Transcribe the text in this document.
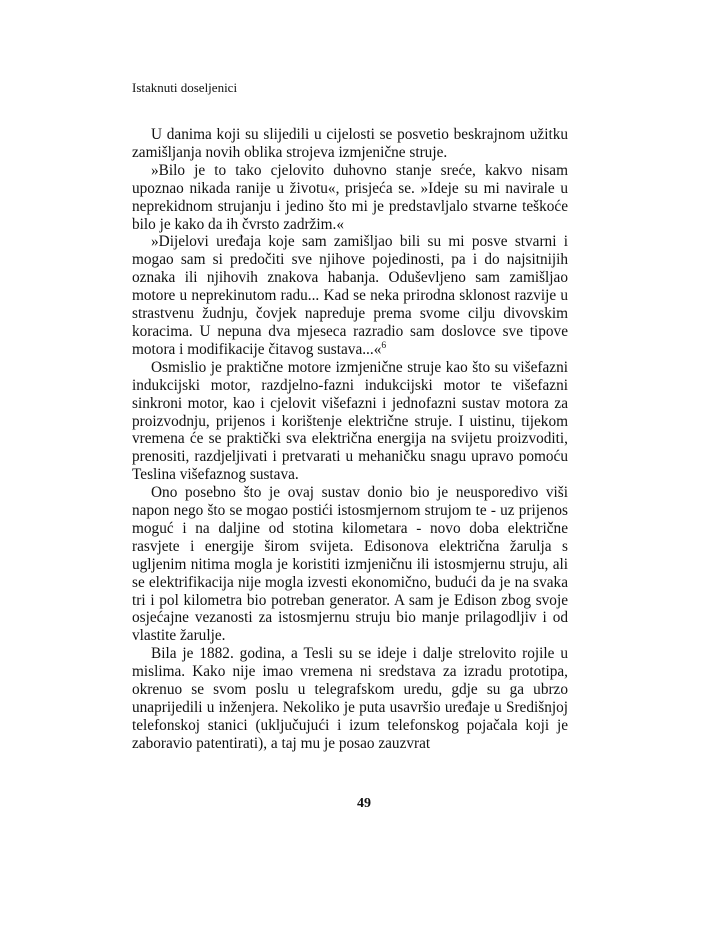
Istaknuti doseljenici

U danima koji su slijedili u cijelosti se posvetio beskrajnom užitku zamišljanja novih oblika strojeva izmjenične struje.

»Bilo je to tako cjelovito duhovno stanje sreće, kakvo nisam upoznao nikada ranije u životu«, prisjeća se. »Ideje su mi navirale u neprekidnom strujanju i jedino što mi je predstavljalo stvarne teškoće bilo je kako da ih čvrsto zadržim.«

»Dijelovi uređaja koje sam zamišljao bili su mi posve stvarni i mogao sam si predočiti sve njihove pojedinosti, pa i do najsitnijih oznaka ili njihovih znakova habanja. Oduševljeno sam zamišljao motore u neprekinutom radu... Kad se neka prirodna sklonost razvije u strastvenu žudnju, čovjek napreduje prema svome cilju divovskim koracima. U nepuna dva mjeseca razradio sam doslovce sve tipove motora i modifikacije čitavog sustava...«$^6$

Osmislio je praktične motore izmjenične struje kao što su višefazni indukcijski motor, razdjelno-fazni indukcijski motor te višefazni sinkroni motor, kao i cjelovit višefazni i jednofazni sustav motora za proizvodnju, prijenos i korištenje električne struje. I uistinu, tijekom vremena će se praktički sva električna energija na svijetu proizvoditi, prenositi, razdjeljivati i pretvarati u mehaničku snagu upravo pomoću Teslina višefaznog sustava.

Ono posebno što je ovaj sustav donio bio je neusporedivo viši napon nego što se mogao postići istosmjernom strujom te - uz prijenos moguć i na daljine od stotina kilometara - novo doba električne rasvjete i energije širom svijeta. Edisonova električna žarulja s ugljenim nitima mogla je koristiti izmjeničnu ili istosmjernu struju, ali se elektrifikacija nije mogla izvesti ekonomično, budući da je na svaka tri i pol kilometra bio potreban generator. A sam je Edison zbog svoje osjećajne vezanosti za istosmjernu struju bio manje prilagodljiv i od vlastite žarulje.

Bila je 1882. godina, a Tesli su se ideje i dalje strelovito rojile u mislima. Kako nije imao vremena ni sredstava za izradu prototipa, okrenuo se svom poslu u telegrafskom uredu, gdje su ga ubrzo unaprijedili u inženjera. Nekoliko je puta usavršio uređaje u Središnjoj telefonskoj stanici (uključujući i izum telefonskog pojačala koji je zaboravio patentirati), a taj mu je posao zauzvrat

49
